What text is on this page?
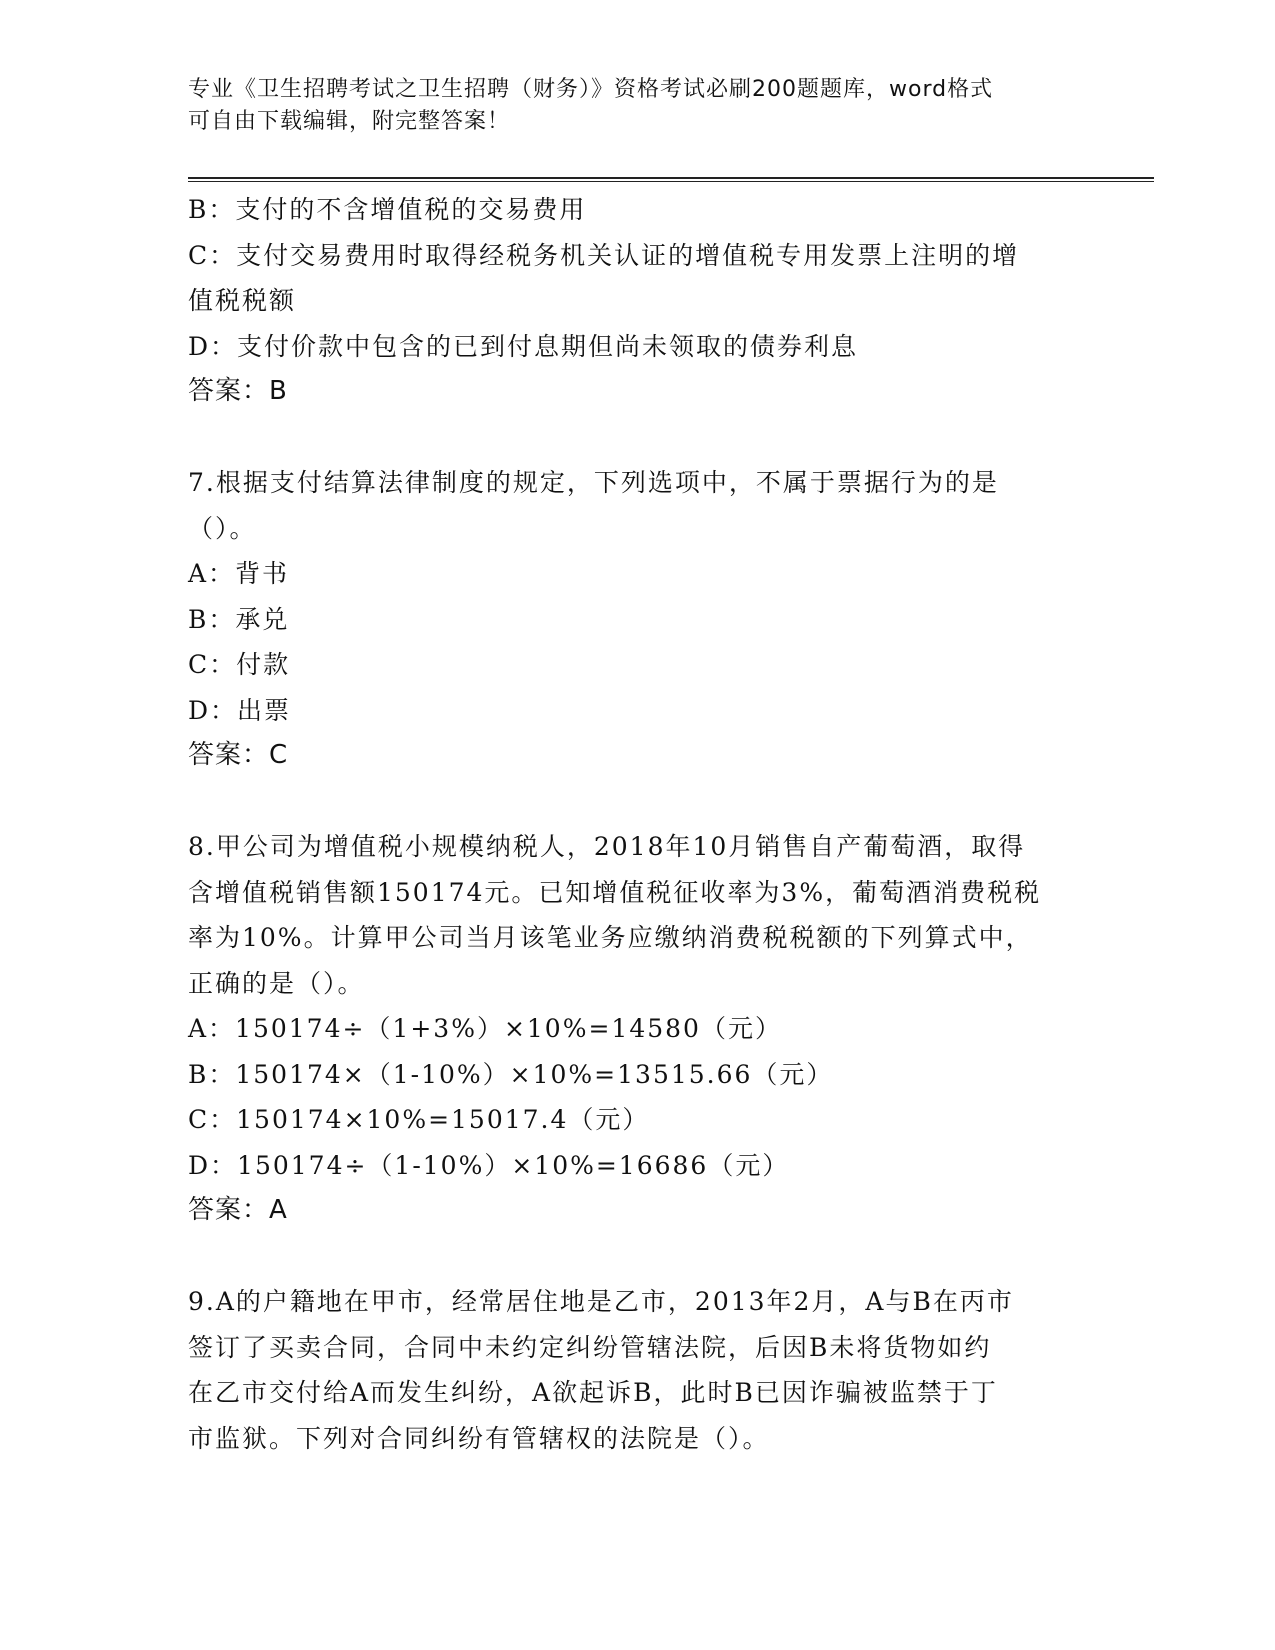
专业《卫生招聘考试之卫生招聘（财务）》资格考试必刷200题题库，word格式
可自由下载编辑，附完整答案！
B：支付的不含增值税的交易费用
C：支付交易费用时取得经税务机关认证的增值税专用发票上注明的增
值税税额
D：支付价款中包含的已到付息期但尚未领取的债券利息
答案：B
7.根据支付结算法律制度的规定，下列选项中，不属于票据行为的是
（）。
A：背书
B：承兑
C：付款
D：出票
答案：C
8.甲公司为增值税小规模纳税人，2018年10月销售自产葡萄酒，取得
含增值税销售额150174元。已知增值税征收率为3%，葡萄酒消费税税
率为10%。计算甲公司当月该笔业务应缴纳消费税税额的下列算式中，
正确的是（）。
A：150174÷（1+3%）×10%=14580（元）
B：150174×（1-10%）×10%=13515.66（元）
C：150174×10%=15017.4（元）
D：150174÷（1-10%）×10%=16686（元）
答案：A
9.A的户籍地在甲市，经常居住地是乙市，2013年2月，A与B在丙市
签订了买卖合同，合同中未约定纠纷管辖法院，后因B未将货物如约
在乙市交付给A而发生纠纷，A欲起诉B，此时B已因诈骗被监禁于丁
市监狱。下列对合同纠纷有管辖权的法院是（）。
